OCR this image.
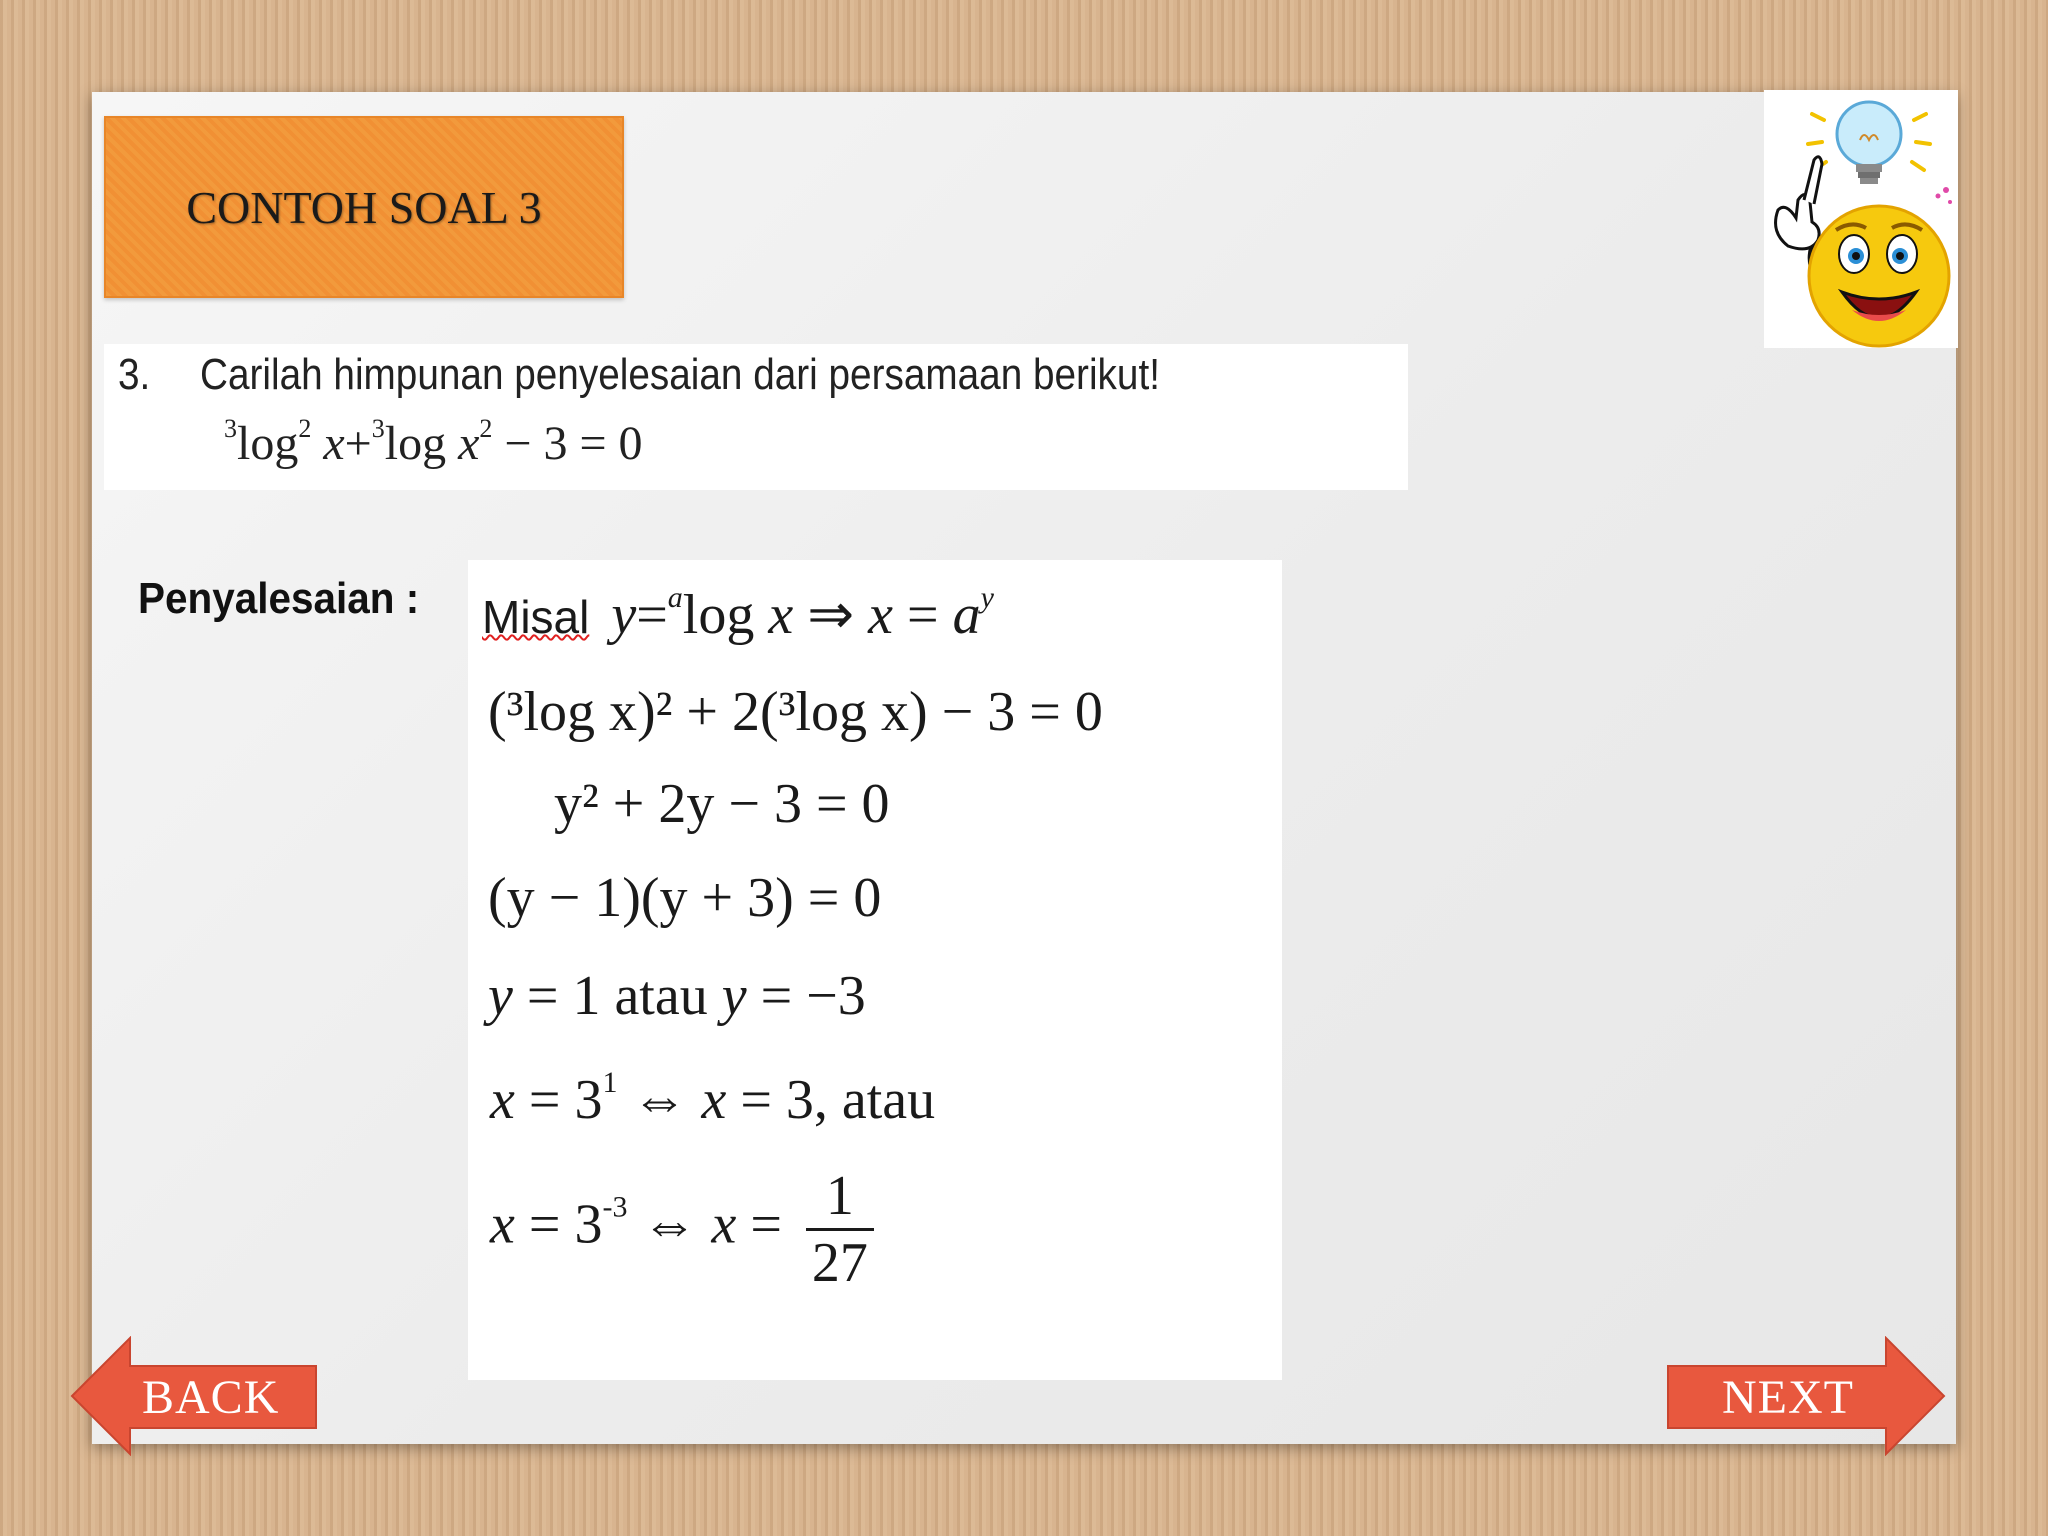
CONTOH SOAL 3
3. Carilah himpunan penyelesaian dari persamaan berikut!
$^3\log^2$ x+$^3$log $x^2 - 3 = 0$
Penyalesaian : Misal y=$^a$log x ⇒ $x = a^y$
(³log x)² + 2(³log x) − 3 = 0
y² + 2y − 3 = 0
(y − 1)(y + 3) = 0
y = 1 atau y = −3
$x = 3^1$ ⇔ x = 3, atau
$x = 3^{-3}$ ⇔ $x = \frac{1}{27}$
BACK	NEXT
